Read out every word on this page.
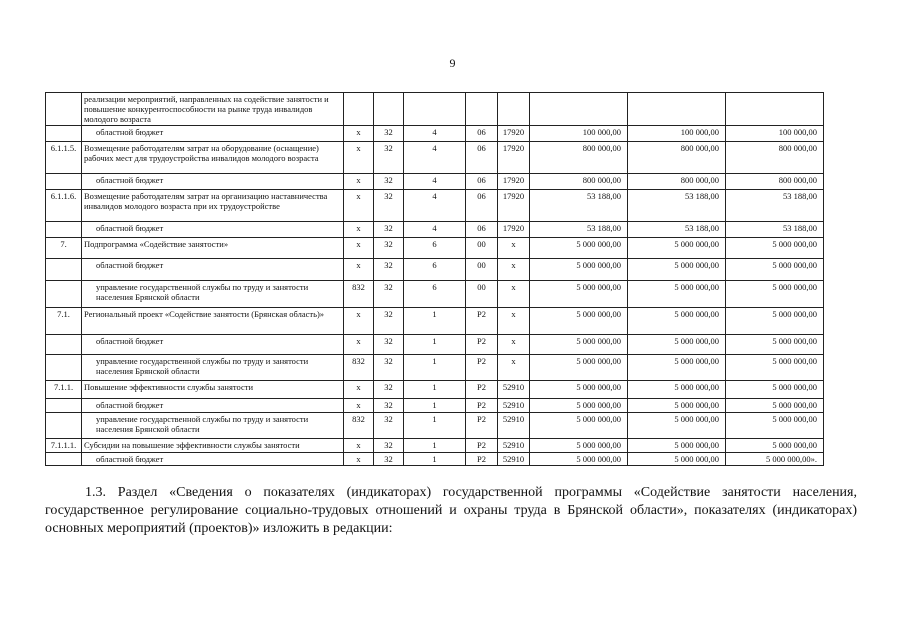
9
	реализации мероприятий, направленных на содействие занятости и повышение конкурентоспособности на рынке труда инвалидов молодого возраста								
	областной бюджет	x	32	4	06	17920	100 000,00	100 000,00	100 000,00
6.1.1.5.	Возмещение работодателям затрат на оборудование (оснащение) рабочих мест для трудоустройства инвалидов молодого возраста	x	32	4	06	17920	800 000,00	800 000,00	800 000,00
	областной бюджет	x	32	4	06	17920	800 000,00	800 000,00	800 000,00
6.1.1.6.	Возмещение работодателям затрат на организацию наставничества инвалидов молодого возраста при их трудоустройстве	x	32	4	06	17920	53 188,00	53 188,00	53 188,00
	областной бюджет	x	32	4	06	17920	53 188,00	53 188,00	53 188,00
7.	Подпрограмма «Содействие занятости»	x	32	6	00	x	5 000 000,00	5 000 000,00	5 000 000,00
	областной бюджет	x	32	6	00	x	5 000 000,00	5 000 000,00	5 000 000,00
	управление государственной службы по труду и занятости населения Брянской области	832	32	6	00	x	5 000 000,00	5 000 000,00	5 000 000,00
7.1.	Региональный проект «Содействие занятости (Брянская область)»	x	32	1	Р2	x	5 000 000,00	5 000 000,00	5 000 000,00
	областной бюджет	x	32	1	Р2	x	5 000 000,00	5 000 000,00	5 000 000,00
	управление государственной службы по труду и занятости населения Брянской области	832	32	1	Р2	x	5 000 000,00	5 000 000,00	5 000 000,00
7.1.1.	Повышение эффективности службы занятости	x	32	1	Р2	52910	5 000 000,00	5 000 000,00	5 000 000,00
	областной бюджет	x	32	1	Р2	52910	5 000 000,00	5 000 000,00	5 000 000,00
	управление государственной службы по труду и занятости населения Брянской области	832	32	1	Р2	52910	5 000 000,00	5 000 000,00	5 000 000,00
7.1.1.1.	Субсидии на повышение эффективности службы занятости	x	32	1	Р2	52910	5 000 000,00	5 000 000,00	5 000 000,00
	областной бюджет	x	32	1	Р2	52910	5 000 000,00	5 000 000,00	5 000 000,00».

1.3. Раздел «Сведения о показателях (индикаторах) государственной программы «Содействие занятости населения, государственное регулирование социально-трудовых отношений и охраны труда в Брянской области», показателях (индикаторах) основных мероприятий (проектов)» изложить в редакции:
